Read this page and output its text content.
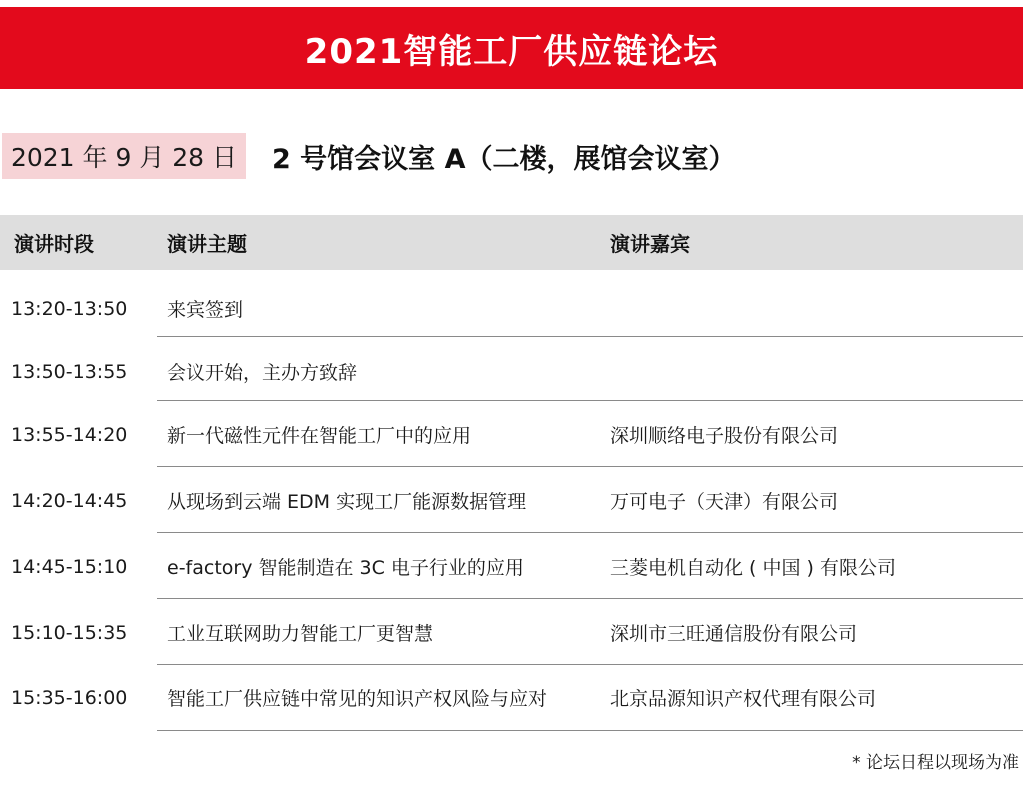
2021智能工厂供应链论坛
2021 年 9 月 28 日	2 号馆会议室 A（二楼，展馆会议室）
演讲时段	演讲主题	演讲嘉宾
13:20-13:50 来宾签到
13:50-13:55 会议开始，主办方致辞
13:55-14:20 新一代磁性元件在智能工厂中的应用	深圳顺络电子股份有限公司
14:20-14:45 从现场到云端 EDM 实现工厂能源数据管理	万可电子（天津）有限公司
14:45-15:10 e-factory 智能制造在 3C 电子行业的应用	三菱电机自动化 ( 中国 ) 有限公司
15:10-15:35 工业互联网助力智能工厂更智慧	深圳市三旺通信股份有限公司
15:35-16:00 智能工厂供应链中常见的知识产权风险与应对	北京品源知识产权代理有限公司
* 论坛日程以现场为准
